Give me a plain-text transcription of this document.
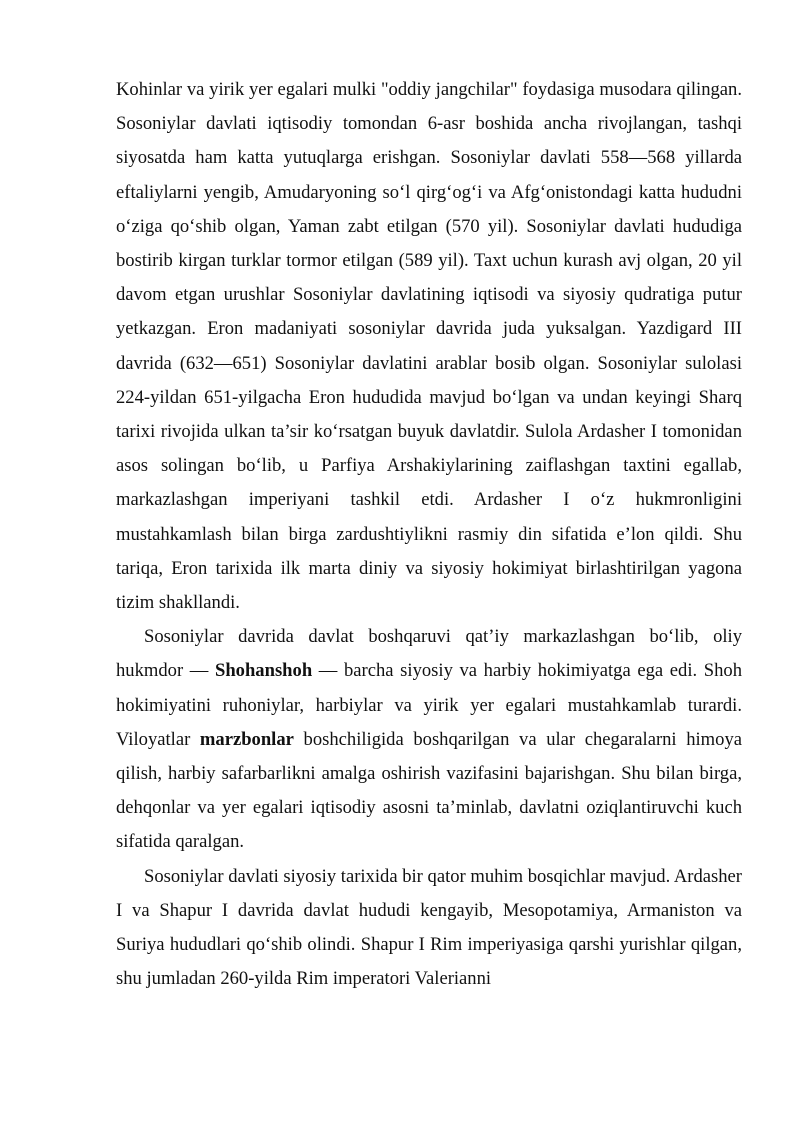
Kohinlar va yirik yer egalari mulki "oddiy jangchilar" foydasiga musodara qilingan. Sosoniylar davlati iqtisodiy tomondan 6-asr boshida ancha rivojlangan, tashqi siyosatda ham katta yutuqlarga erishgan. Sosoniylar davlati 558—568 yillarda eftaliylarni yengib, Amudaryoning so‘l qirg‘og‘i va Afg‘onistondagi katta hududni o‘ziga qo‘shib olgan, Yaman zabt etilgan (570 yil). Sosoniylar davlati hududiga bostirib kirgan turklar tormor etilgan (589 yil). Taxt uchun kurash avj olgan, 20 yil davom etgan urushlar Sosoniylar davlatining iqtisodi va siyosiy qudratiga putur yetkazgan. Eron madaniyati sosoniylar davrida juda yuksalgan. Yazdigard III davrida (632—651) Sosoniylar davlatini arablar bosib olgan. Sosoniylar sulolasi 224-yildan 651-yilgacha Eron hududida mavjud bo‘lgan va undan keyingi Sharq tarixi rivojida ulkan ta’sir ko‘rsatgan buyuk davlatdir. Sulola Ardasher I tomonidan asos solingan bo‘lib, u Parfiya Arshakiylarining zaiflashgan taxtini egallab, markazlashgan imperiyani tashkil etdi. Ardasher I o‘z hukmronligini mustahkamlash bilan birga zardushtiylikni rasmiy din sifatida e’lon qildi. Shu tariqa, Eron tarixida ilk marta diniy va siyosiy hokimiyat birlashtirilgan yagona tizim shakllandi.

Sosoniylar davrida davlat boshqaruvi qat’iy markazlashgan bo‘lib, oliy hukmdor — Shohanshoh — barcha siyosiy va harbiy hokimiyatga ega edi. Shoh hokimiyatini ruhoniylar, harbiylar va yirik yer egalari mustahkamlab turardi. Viloyatlar marzbonlar boshchiligida boshqarilgan va ular chegaralarni himoya qilish, harbiy safarbarlikni amalga oshirish vazifasini bajarishgan. Shu bilan birga, dehqonlar va yer egalari iqtisodiy asosni ta’minlab, davlatni oziqlantiruvchi kuch sifatida qaralgan.

Sosoniylar davlati siyosiy tarixida bir qator muhim bosqichlar mavjud. Ardasher I va Shapur I davrida davlat hududi kengayib, Mesopotamiya, Armaniston va Suriya hududlari qo‘shib olindi. Shapur I Rim imperiyasiga qarshi yurishlar qilgan, shu jumladan 260-yilda Rim imperatori Valerianni
